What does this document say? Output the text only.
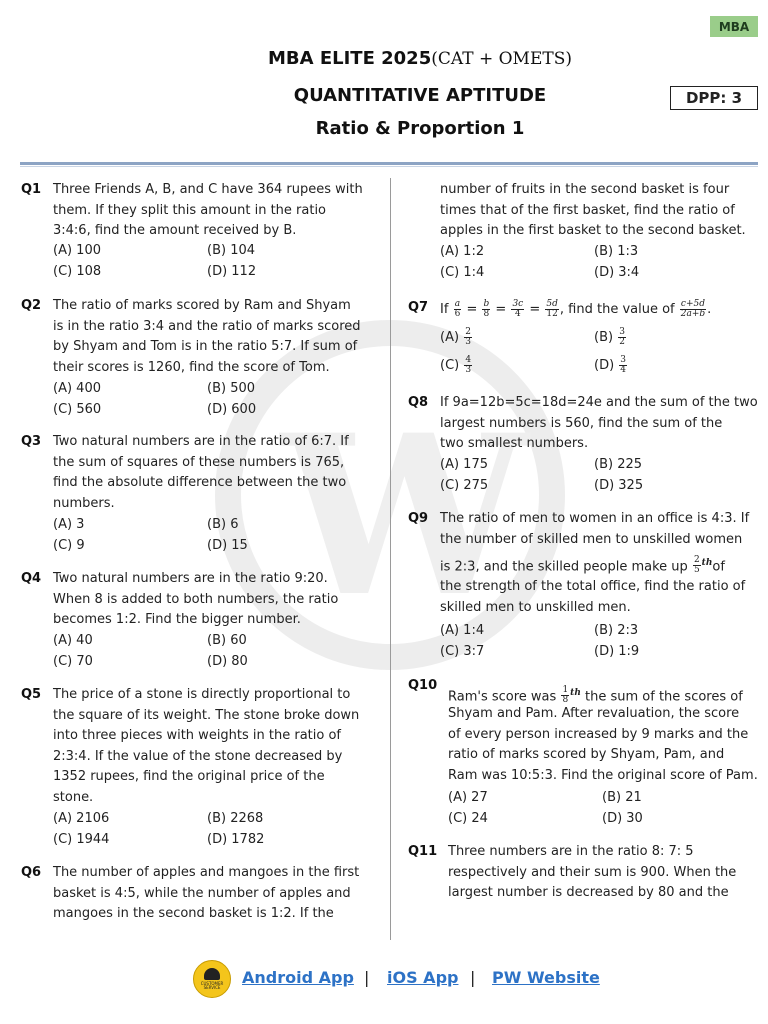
W
MBA
MBA ELITE 2025(CAT + OMETS)
QUANTITATIVE APTITUDE
Ratio & Proportion 1
DPP: 3
Q1 Three Friends A, B, and C have 364 rupees with
them. If they split this amount in the ratio
3:4:6, find the amount received by B.
(A) 100	(B) 104
(C) 108	(D) 112
Q2 The ratio of marks scored by Ram and Shyam
is in the ratio 3:4 and the ratio of marks scored
by Shyam and Tom is in the ratio 5:7. If sum of
their scores is 1260, find the score of Tom.
(A) 400	(B) 500
(C) 560	(D) 600
Q3 Two natural numbers are in the ratio of 6:7. If
the sum of squares of these numbers is 765,
find the absolute difference between the two
numbers.
(A) 3	(B) 6
(C) 9	(D) 15
Q4 Two natural numbers are in the ratio 9:20.
When 8 is added to both numbers, the ratio
becomes 1:2. Find the bigger number.
(A) 40	(B) 60
(C) 70	(D) 80
Q5 The price of a stone is directly proportional to
the square of its weight. The stone broke down
into three pieces with weights in the ratio of
2:3:4. If the value of the stone decreased by
1352 rupees, find the original price of the
stone.
(A) 2106	(B) 2268
(C) 1944	(D) 1782
Q6 The number of apples and mangoes in the first
basket is 4:5, while the number of apples and
mangoes in the second basket is 1:2. If the
number of fruits in the second basket is four
times that of the first basket, find the ratio of
apples in the first basket to the second basket.
(A) 1:2	(B) 1:3
(C) 1:4	(D) 3:4
Q7 If $\frac{a}{6} = \frac{b}{8} = \frac{3c}{4} = \frac{5d}{12}$ , find the value of $\frac{c+5d}{2a+b}$ .
$(A) \frac{2}{3}$	$(B) \frac{3}{2}$
$(C) \frac{4}{3}$	$(D) \frac{3}{4}$
Q8 If 9a=12b=5c=18d=24e and the sum of the two
largest numbers is 560, find the sum of the
two smallest numbers.
(A) 175	(B) 225
(C) 275	(D) 325
Q9 The ratio of men to women in an office is 4:3. If
the number of skilled men to unskilled women
is 2:3, and the skilled people make up $\frac{2}{5} ^{th}of$
the strength of the total office, find the ratio of
skilled men to unskilled men.
(A) 1:4	(B) 2:3
(C) 3:7	(D) 1:9
Q10
Ram's score was $\frac{1}{8} ^{th}$ the sum of the scores of
Shyam and Pam. After revaluation, the score
of every person increased by 9 marks and the
ratio of marks scored by Shyam, Pam, and
Ram was 10:5:3. Find the original score of Pam.
(A) 27	(B) 21
(C) 24	(D) 30
Q11 Three numbers are in the ratio 8: 7: 5
respectively and their sum is 900. When the
largest number is decreased by 80 and the
CUSTOMER SERVICE
Android App | iOS App | PW Website
